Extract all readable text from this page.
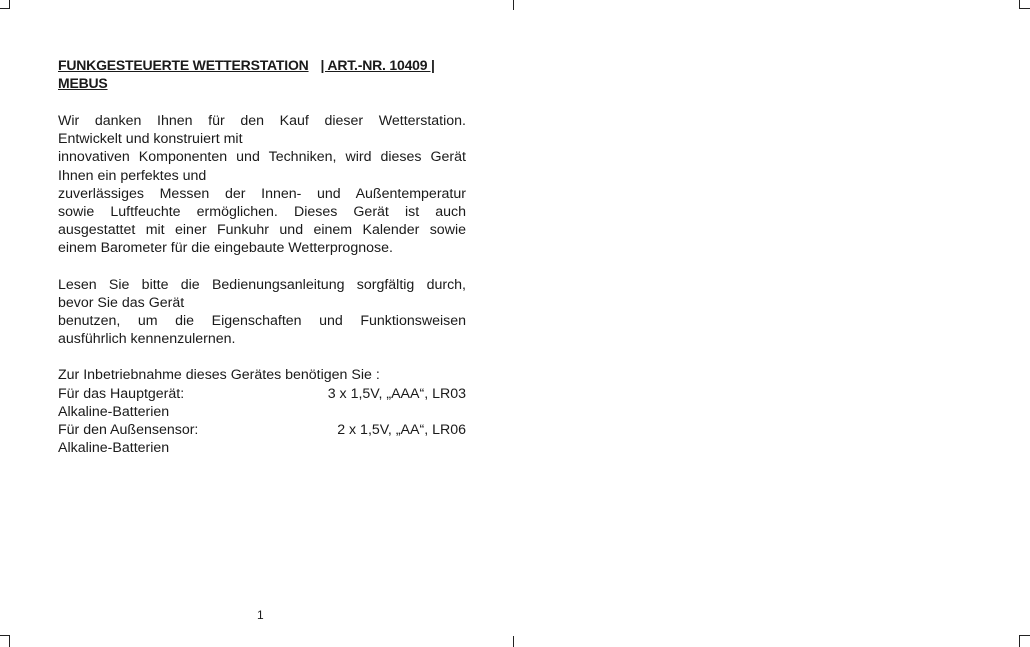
FUNKGESTEUERTE WETTERSTATION | ART.-NR. 10409 |
MEBUS

Wir danken Ihnen für den Kauf dieser Wetterstation.

Entwickelt und konstruiert mit

innovativen Komponenten und Techniken, wird dieses Gerät

Ihnen ein perfektes und

zuverlässiges Messen der Innen- und Außentemperatur

sowie Luftfeuchte ermöglichen. Dieses Gerät ist auch

ausgestattet mit einer Funkuhr und einem Kalender sowie

einem Barometer für die eingebaute Wetterprognose.

Lesen Sie bitte die Bedienungsanleitung sorgfältig durch,

bevor Sie das Gerät

benutzen, um die Eigenschaften und Funktionsweisen

ausführlich kennenzulernen.

Zur Inbetriebnahme dieses Gerätes benötigen Sie :

Für das Hauptgerät:	3 x 1,5V, „AAA“, LR03

Alkaline-Batterien

Für den Außensensor:	2 x 1,5V, „AA“, LR06

Alkaline-Batterien

1
